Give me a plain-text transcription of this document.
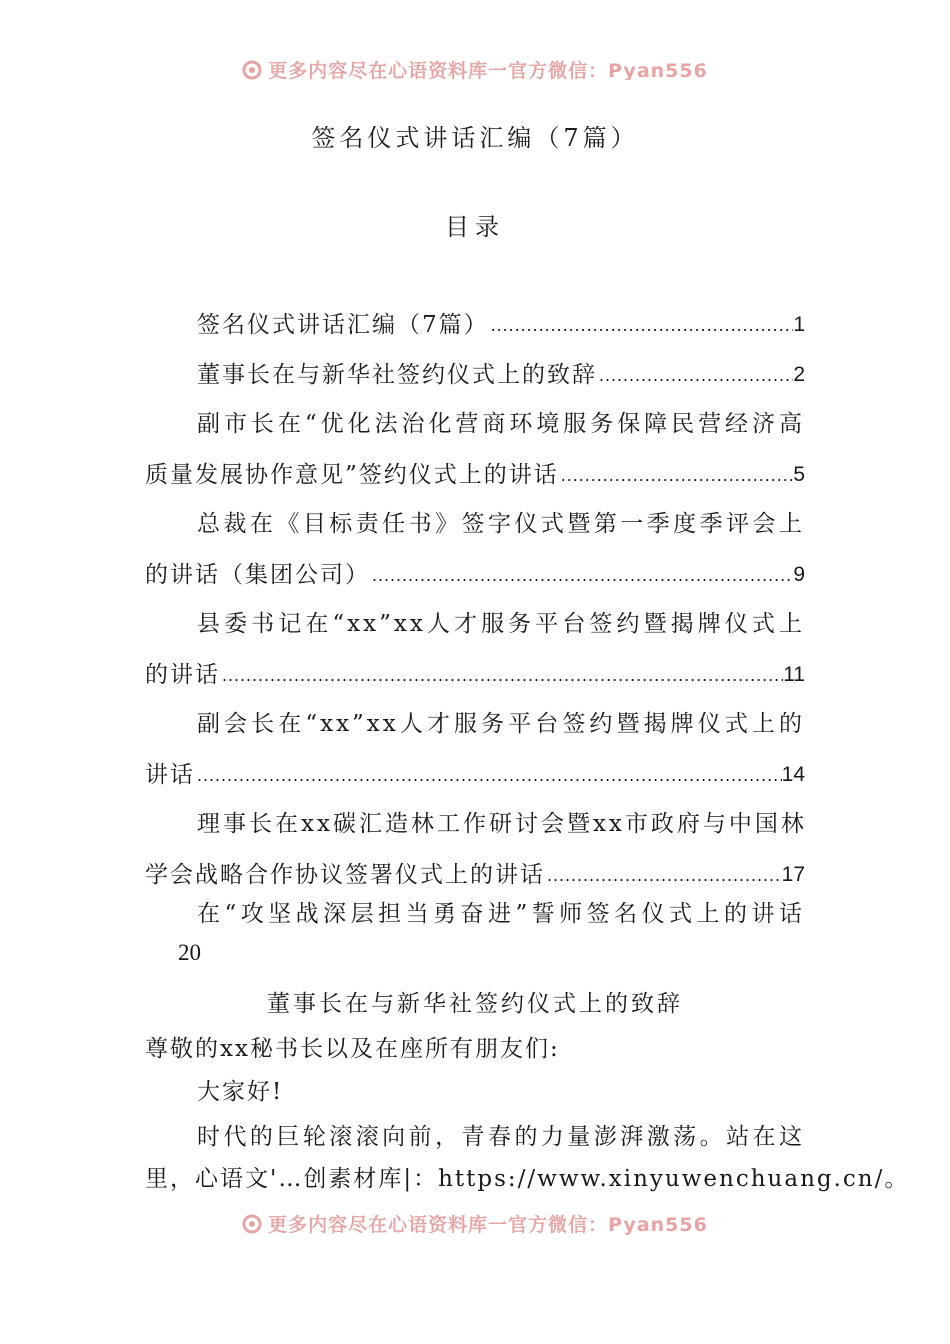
更多内容尽在心语资料库一官方微信：Pyan556
签名仪式讲话汇编（7篇）
目录
签名仪式讲话汇编（7篇） .....	1
董事长在与新华社签约仪式上的致辞 .....	2
副市长在“优化法治化营商环境服务保障民营经济高
质量发展协作意见”签约仪式上的讲话 .....	5
总裁在《目标责任书》签字仪式暨第一季度季评会上
的讲话（集团公司） .....	9
县委书记在“xx”xx人才服务平台签约暨揭牌仪式上
的讲话 .....	11
副会长在“xx”xx人才服务平台签约暨揭牌仪式上的
讲话 .....	14
理事长在xx碳汇造林工作研讨会暨xx市政府与中国林
学会战略合作协议签署仪式上的讲话 .....	17
在“攻坚战深层担当勇奋进”誓师签名仪式上的讲话
20
董事长在与新华社签约仪式上的致辞
尊敬的xx秘书长以及在座所有朋友们:
大家好!
时代的巨轮滚滚向前，青春的力量澎湃激荡。站在这
里，心语文'…创素材库|：https://www.xinyuwenchuang.cn/。
更多内容尽在心语资料库一官方微信：Pyan556
